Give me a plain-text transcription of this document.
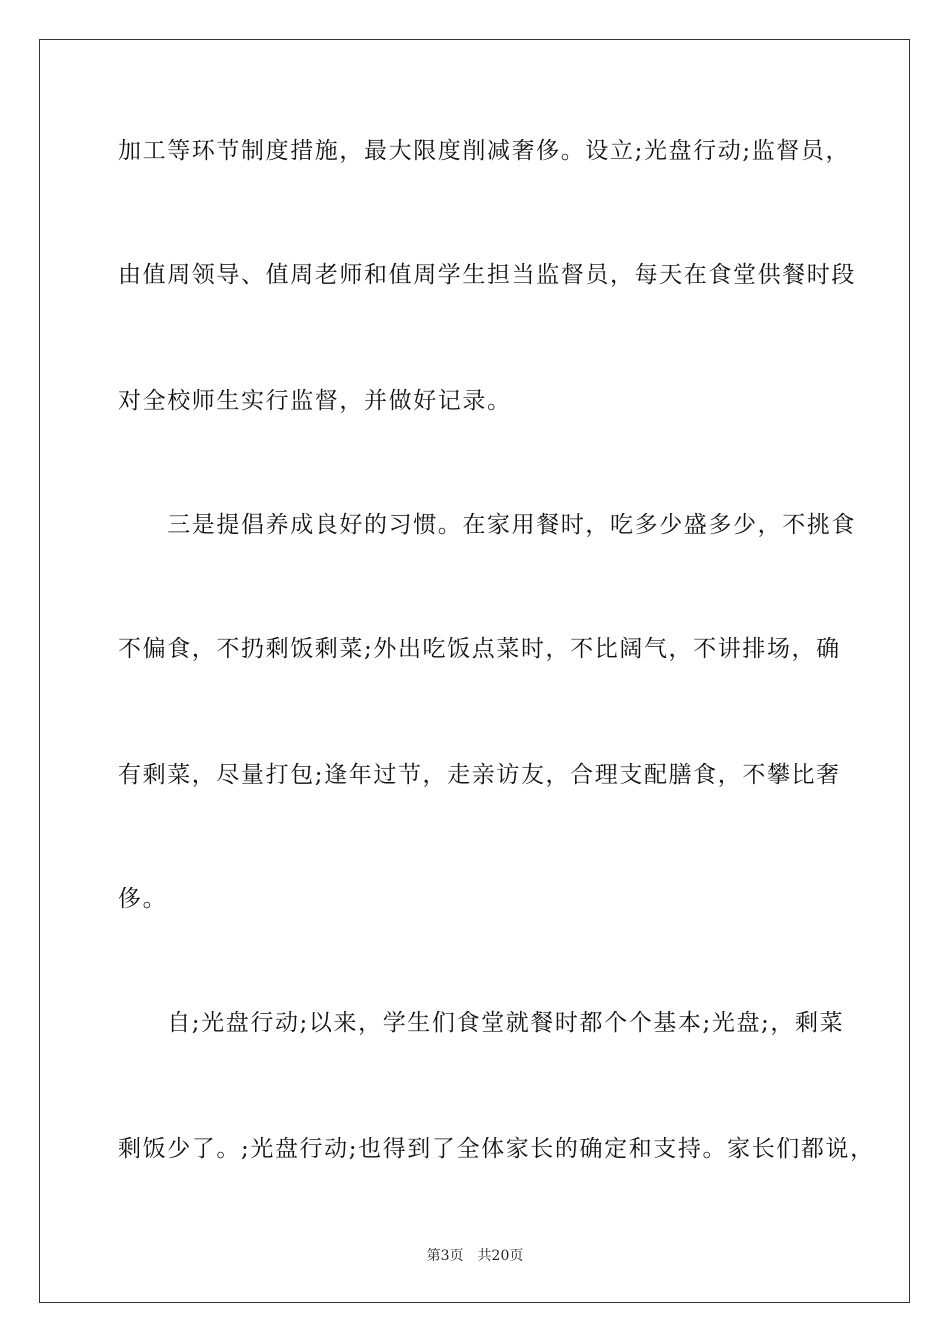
加工等环节制度措施，最大限度削减奢侈。设立;光盘行动;监督员，
由值周领导、值周老师和值周学生担当监督员，每天在食堂供餐时段
对全校师生实行监督，并做好记录。
　　三是提倡养成良好的习惯。在家用餐时，吃多少盛多少，不挑食
不偏食，不扔剩饭剩菜;外出吃饭点菜时，不比阔气，不讲排场，确
有剩菜，尽量打包;逢年过节，走亲访友，合理支配膳食，不攀比奢
侈。
　　自;光盘行动;以来，学生们食堂就餐时都个个基本;光盘;，剩菜
剩饭少了。;光盘行动;也得到了全体家长的确定和支持。家长们都说，
第3页 共20页
